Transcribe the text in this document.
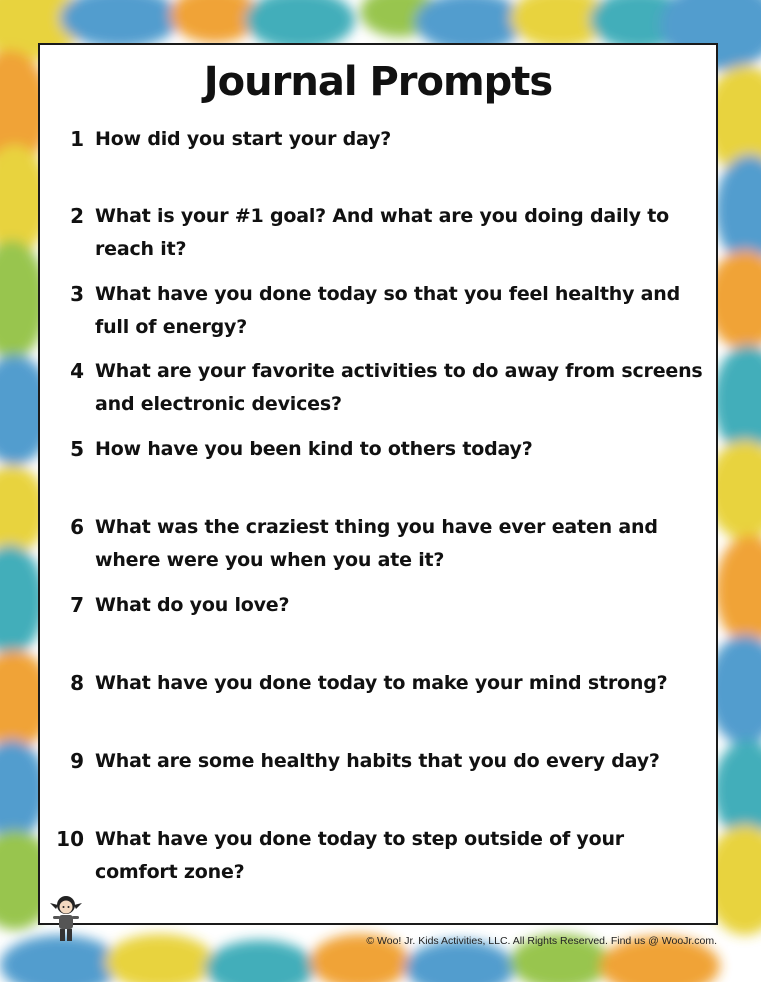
Journal Prompts
1 How did you start your day?
2 What is your #1 goal? And what are you doing daily to reach it?
3 What have you done today so that you feel healthy and full of energy?
4 What are your favorite activities to do away from screens and electronic devices?
5 How have you been kind to others today?
6 What was the craziest thing you have ever eaten and where were you when you ate it?
7 What do you love?
8 What have you done today to make your mind strong?
9 What are some healthy habits that you do every day?
10 What have you done today to step outside of your comfort zone?
© Woo! Jr. Kids Activities, LLC. All Rights Reserved. Find us @ WooJr.com.
